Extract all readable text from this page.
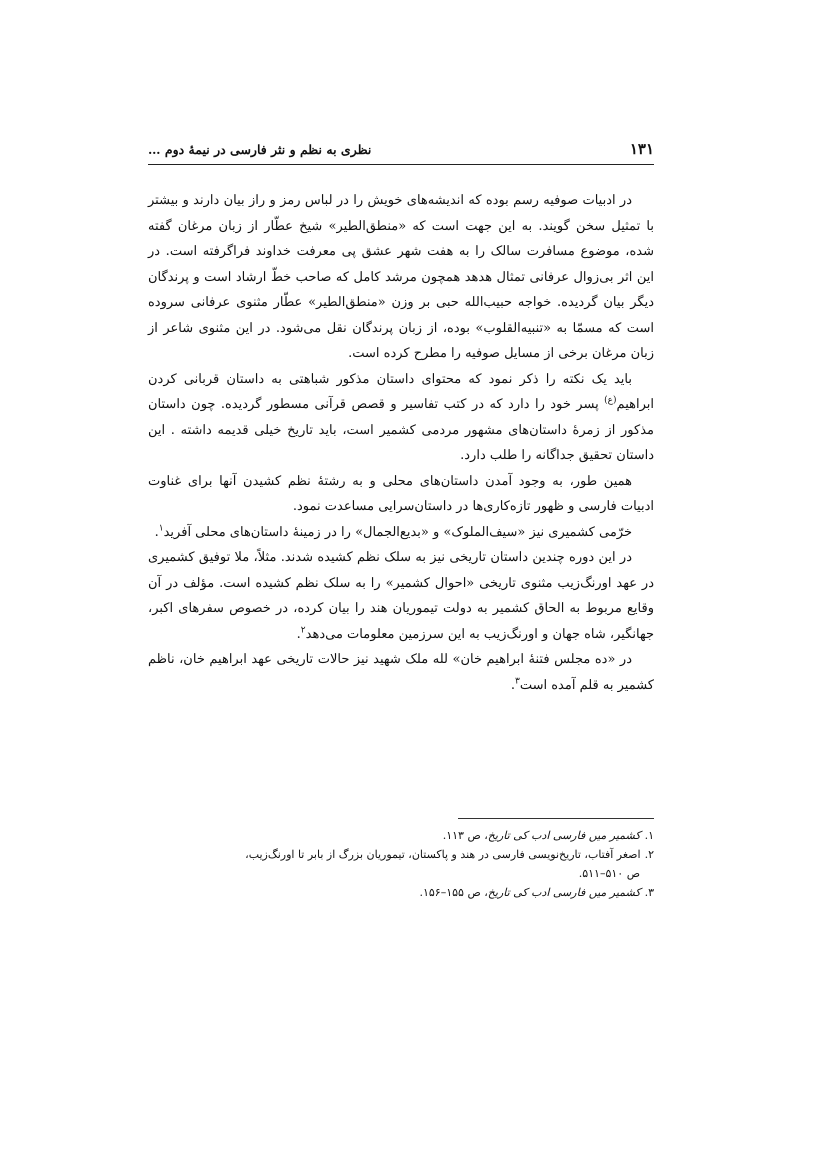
۱۳۱
نظری به نظم و نثر فارسی در نیمهٔ دوم …

در ادبیات صوفیه رسم بوده که اندیشه‌های خویش را در لباس رمز و راز بیان دارند و بیشتر با تمثیل سخن گویند. به این جهت است که «منطق‌الطیر» شیخ عطّار از زبان مرغان گفته شده، موضوع مسافرت سالک را به هفت شهر عشق پی معرفت خداوند فراگرفته است. در این اثر بی‌زوال عرفانی تمثال هدهد همچون مرشد کامل که صاحب خطّ ارشاد است و پرندگان دیگر بیان گردیده. خواجه حبیب‌الله حبی بر وزن «منطق‌الطیر» عطّار مثنوی عرفانی سروده است که مسمّا به «تنبیه‌القلوب» بوده، از زبان پرندگان نقل می‌شود. در این مثنوی شاعر از زبان مرغان برخی از مسایل صوفیه را مطرح کرده است.

باید یک نکته را ذکر نمود که محتوای داستان مذکور شباهتی به داستان قربانی کردن ابراهیم$^{(ع)}$ پسر خود را دارد که در کتب تفاسیر و قصص قرآنی مسطور گردیده. چون داستان مذکور از زمرهٔ داستان‌های مشهور مردمی کشمیر است، باید تاریخ خیلی قدیمه داشته . این داستان تحقیق جداگانه را طلب دارد.

همین طور، به وجود آمدن داستان‌های محلی و به رشتهٔ نظم کشیدن آنها برای غناوت ادبیات فارسی و ظهور تازه‌کاری‌ها در داستان‌سرایی مساعدت نمود.

خرّمی کشمیری نیز «سیف‌الملوک» و «بدیع‌الجمال» را در زمینهٔ داستان‌های محلی آفرید$^۱$.

در این دوره چندین داستان تاریخی نیز به سلک نظم کشیده شدند. مثلاً، ملا توفیق کشمیری در عهد اورنگ‌زیب مثنوی تاریخی «احوال کشمیر» را به سلک نظم کشیده است. مؤلف در آن وقایع مربوط به الحاق کشمیر به دولت تیموریان هند را بیان کرده، در خصوص سفرهای اکبر، جهانگیر، شاه جهان و اورنگ‌زیب به این سرزمین معلومات می‌دهد$^۲$.

در «ده مجلس فتنهٔ ابراهیم خان» لله ملک شهید نیز حالات تاریخی عهد ابراهیم خان، ناظم کشمیر به قلم آمده است$^۳$.

۱.کشمیر میں فارسی ادب کی تاریخ، ص ۱۱۳.

۲.اصغر آفتاب، تاریخ‌نویسی فارسی در هند و پاکستان، تیموریان بزرگ از بابر تا اورنگ‌زیب،
ص ۵۱۰–۵۱۱.

۳.کشمیر میں فارسی ادب کی تاریخ، ص ۱۵۵–۱۵۶.
